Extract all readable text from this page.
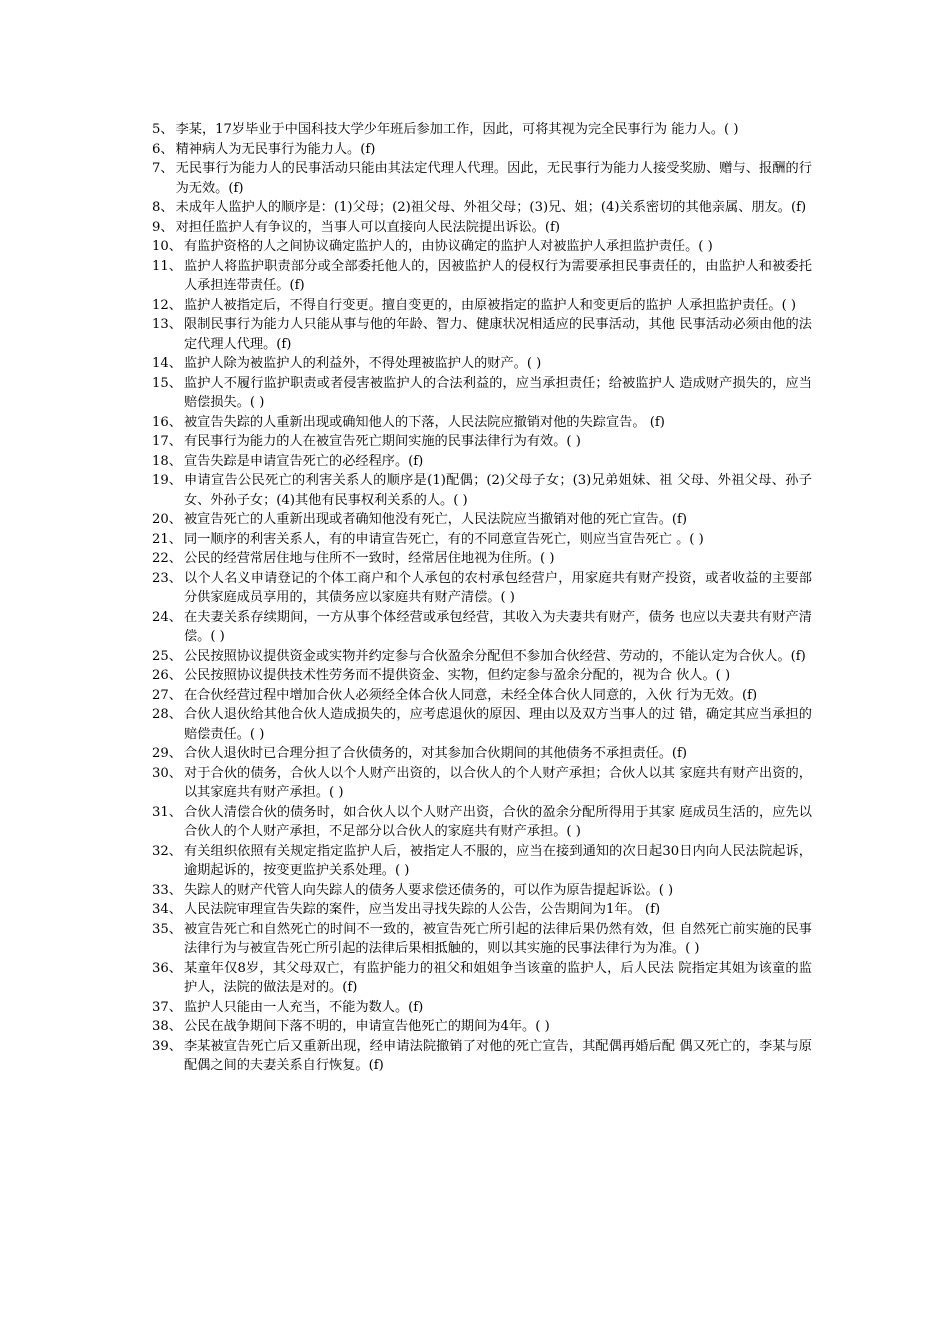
5、 李某，17岁毕业于中国科技大学少年班后参加工作，因此，可将其视为完全民事行为 能力人。( )
6、 精神病人为无民事行为能力人。(f)
7、 无民事行为能力人的民事活动只能由其法定代理人代理。因此，无民事行为能力人接受奖励、赠与、报酬的行为无效。(f)
8、 未成年人监护人的顺序是：(1)父母；(2)祖父母、外祖父母；(3)兄、姐；(4)关系密切的其他亲属、朋友。(f)
9、 对担任监护人有争议的，当事人可以直接向人民法院提出诉讼。(f)
10、 有监护资格的人之间协议确定监护人的，由协议确定的监护人对被监护人承担监护责任。( )
11、 监护人将监护职责部分或全部委托他人的，因被监护人的侵权行为需要承担民事责任的，由监护人和被委托人承担连带责任。(f)
12、 监护人被指定后，不得自行变更。擅自变更的，由原被指定的监护人和变更后的监护 人承担监护责任。( )
13、 限制民事行为能力人只能从事与他的年龄、智力、健康状况相适应的民事活动，其他 民事活动必须由他的法定代理人代理。(f)
14、 监护人除为被监护人的利益外，不得处理被监护人的财产。( )
15、 监护人不履行监护职责或者侵害被监护人的合法利益的，应当承担责任；给被监护人 造成财产损失的，应当赔偿损失。( )
16、 被宣告失踪的人重新出现或确知他人的下落，人民法院应撤销对他的失踪宣告。 (f)
17、 有民事行为能力的人在被宣告死亡期间实施的民事法律行为有效。( )
18、 宣告失踪是申请宣告死亡的必经程序。(f)
19、 申请宣告公民死亡的利害关系人的顺序是(1)配偶；(2)父母子女；(3)兄弟姐妹、祖 父母、外祖父母、孙子女、外孙子女；(4)其他有民事权利关系的人。( )
20、 被宣告死亡的人重新出现或者确知他没有死亡，人民法院应当撤销对他的死亡宣告。(f)
21、 同一顺序的利害关系人，有的申请宣告死亡，有的不同意宣告死亡，则应当宣告死亡 。( )
22、 公民的经营常居住地与住所不一致时，经常居住地视为住所。( )
23、 以个人名义申请登记的个体工商户和个人承包的农村承包经营户，用家庭共有财产投资，或者收益的主要部分供家庭成员享用的，其债务应以家庭共有财产清偿。( )
24、 在夫妻关系存续期间，一方从事个体经营或承包经营，其收入为夫妻共有财产，债务 也应以夫妻共有财产清偿。( )
25、 公民按照协议提供资金或实物并约定参与合伙盈余分配但不参加合伙经营、劳动的，不能认定为合伙人。(f)
26、 公民按照协议提供技术性劳务而不提供资金、实物，但约定参与盈余分配的，视为合 伙人。( )
27、 在合伙经营过程中增加合伙人必须经全体合伙人同意，未经全体合伙人同意的，入伙 行为无效。(f)
28、 合伙人退伙给其他合伙人造成损失的，应考虑退伙的原因、理由以及双方当事人的过 错，确定其应当承担的赔偿责任。( )
29、 合伙人退伙时已合理分担了合伙债务的，对其参加合伙期间的其他债务不承担责任。(f)
30、 对于合伙的债务，合伙人以个人财产出资的，以合伙人的个人财产承担；合伙人以其 家庭共有财产出资的，以其家庭共有财产承担。( )
31、 合伙人清偿合伙的债务时，如合伙人以个人财产出资，合伙的盈余分配所得用于其家 庭成员生活的，应先以合伙人的个人财产承担，不足部分以合伙人的家庭共有财产承担。( )
32、 有关组织依照有关规定指定监护人后，被指定人不服的，应当在接到通知的次日起30日内向人民法院起诉，逾期起诉的，按变更监护关系处理。( )
33、 失踪人的财产代管人向失踪人的债务人要求偿还债务的，可以作为原告提起诉讼。( )
34、 人民法院审理宣告失踪的案件，应当发出寻找失踪的人公告，公告期间为1年。 (f)
35、 被宣告死亡和自然死亡的时间不一致的，被宣告死亡所引起的法律后果仍然有效，但 自然死亡前实施的民事法律行为与被宣告死亡所引起的法律后果相抵触的，则以其实施的民事法律行为为准。( )
36、 某童年仅8岁，其父母双亡，有监护能力的祖父和姐姐争当该童的监护人，后人民法 院指定其姐为该童的监护人，法院的做法是对的。(f)
37、 监护人只能由一人充当，不能为数人。(f)
38、 公民在战争期间下落不明的，申请宣告他死亡的期间为4年。( )
39、 李某被宣告死亡后又重新出现，经申请法院撤销了对他的死亡宣告，其配偶再婚后配 偶又死亡的，李某与原配偶之间的夫妻关系自行恢复。(f)
